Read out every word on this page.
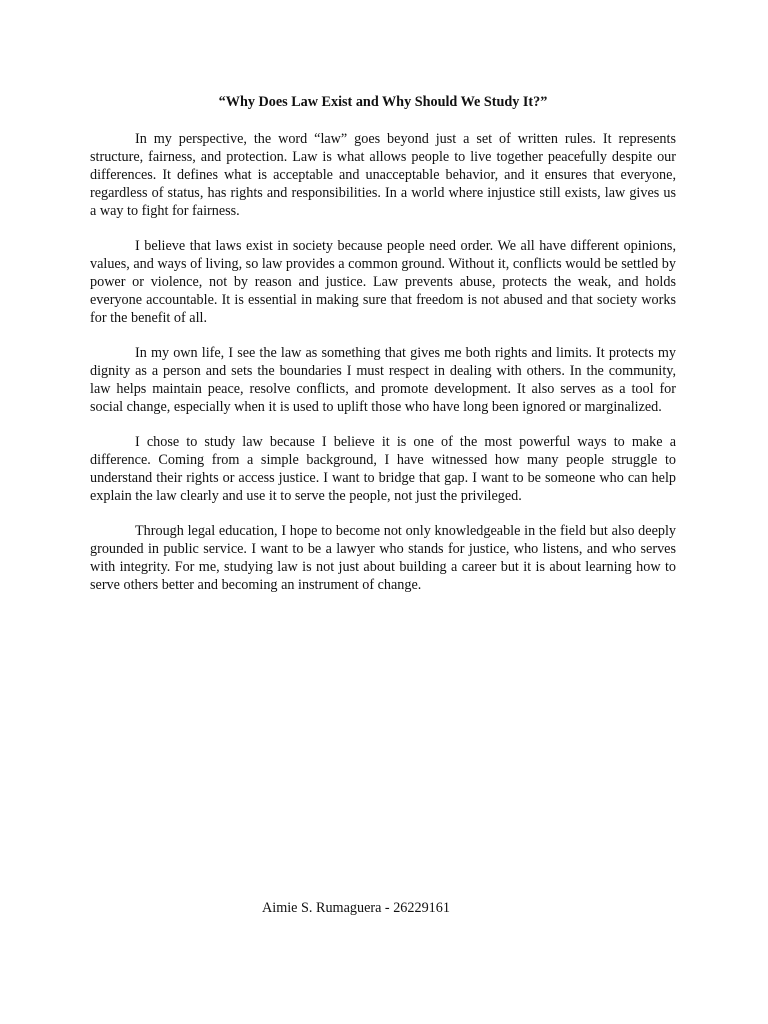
“Why Does Law Exist and Why Should We Study It?”

In my perspective, the word “law” goes beyond just a set of written rules. It represents structure, fairness, and protection. Law is what allows people to live together peacefully despite our differences. It defines what is acceptable and unacceptable behavior, and it ensures that everyone, regardless of status, has rights and responsibilities. In a world where injustice still exists, law gives us a way to fight for fairness.

I believe that laws exist in society because people need order. We all have different opinions, values, and ways of living, so law provides a common ground. Without it, conflicts would be settled by power or violence, not by reason and justice. Law prevents abuse, protects the weak, and holds everyone accountable. It is essential in making sure that freedom is not abused and that society works for the benefit of all.

In my own life, I see the law as something that gives me both rights and limits. It protects my dignity as a person and sets the boundaries I must respect in dealing with others. In the community, law helps maintain peace, resolve conflicts, and promote development. It also serves as a tool for social change, especially when it is used to uplift those who have long been ignored or marginalized.

I chose to study law because I believe it is one of the most powerful ways to make a difference. Coming from a simple background, I have witnessed how many people struggle to understand their rights or access justice. I want to bridge that gap. I want to be someone who can help explain the law clearly and use it to serve the people, not just the privileged.

Through legal education, I hope to become not only knowledgeable in the field but also deeply grounded in public service. I want to be a lawyer who stands for justice, who listens, and who serves with integrity. For me, studying law is not just about building a career but it is about learning how to serve others better and becoming an instrument of change.

Aimie S. Rumaguera - 26229161
